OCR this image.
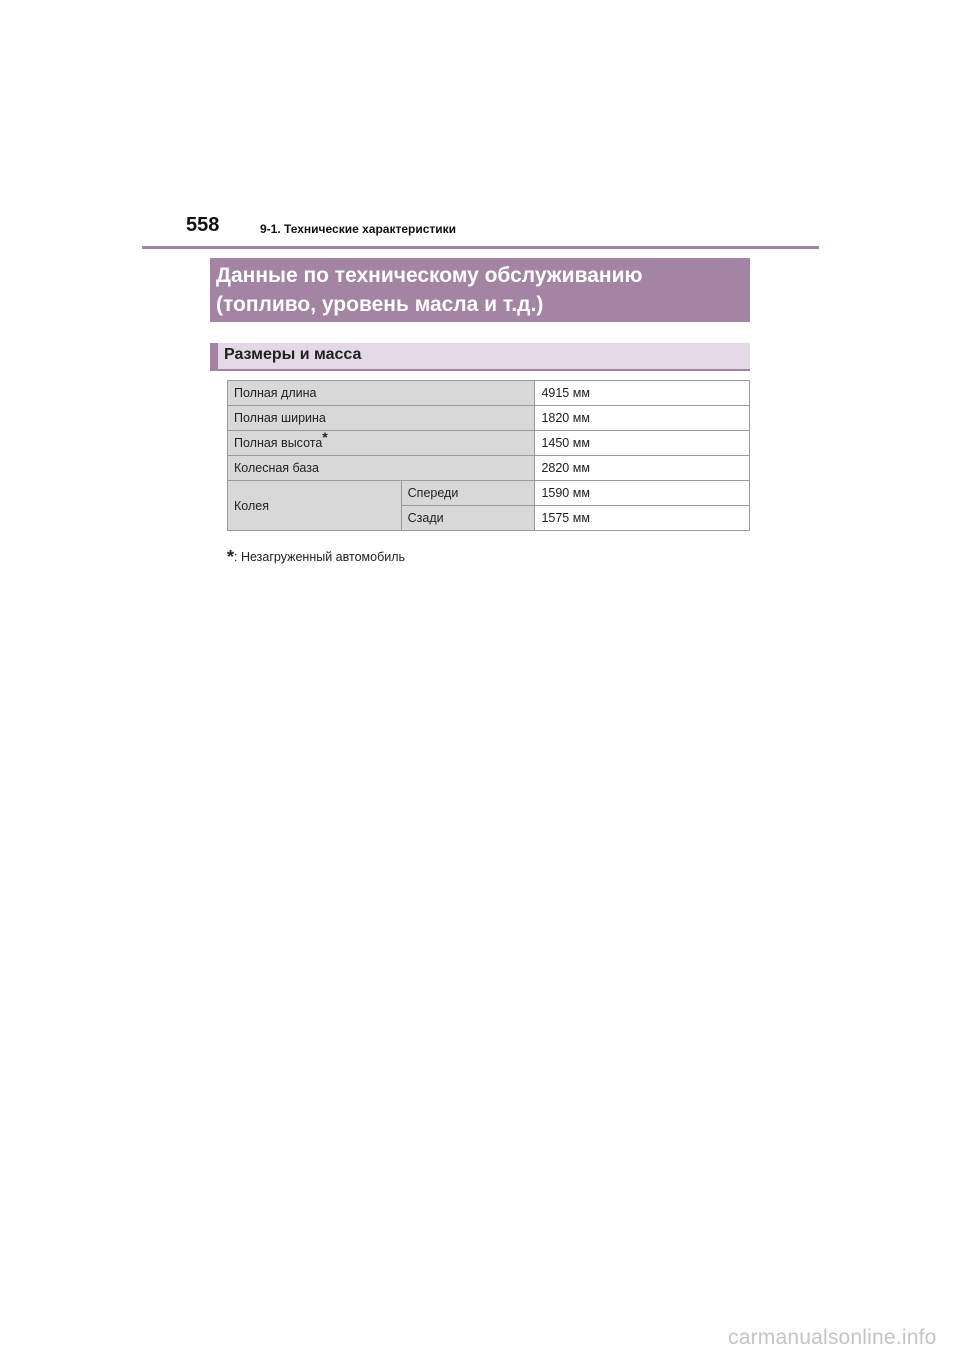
558	9-1. Технические характеристики
Данные по техническому обслуживанию
(топливо, уровень масла и т.д.)
Размеры и масса
Полная длина		4915 мм
Полная ширина		1820 мм
Полная высота*		1450 мм
Колесная база		2820 мм
Колея	Спереди	1590 мм
	Сзади	1575 мм
*: Незагруженный автомобиль
carmanualsonline.info
